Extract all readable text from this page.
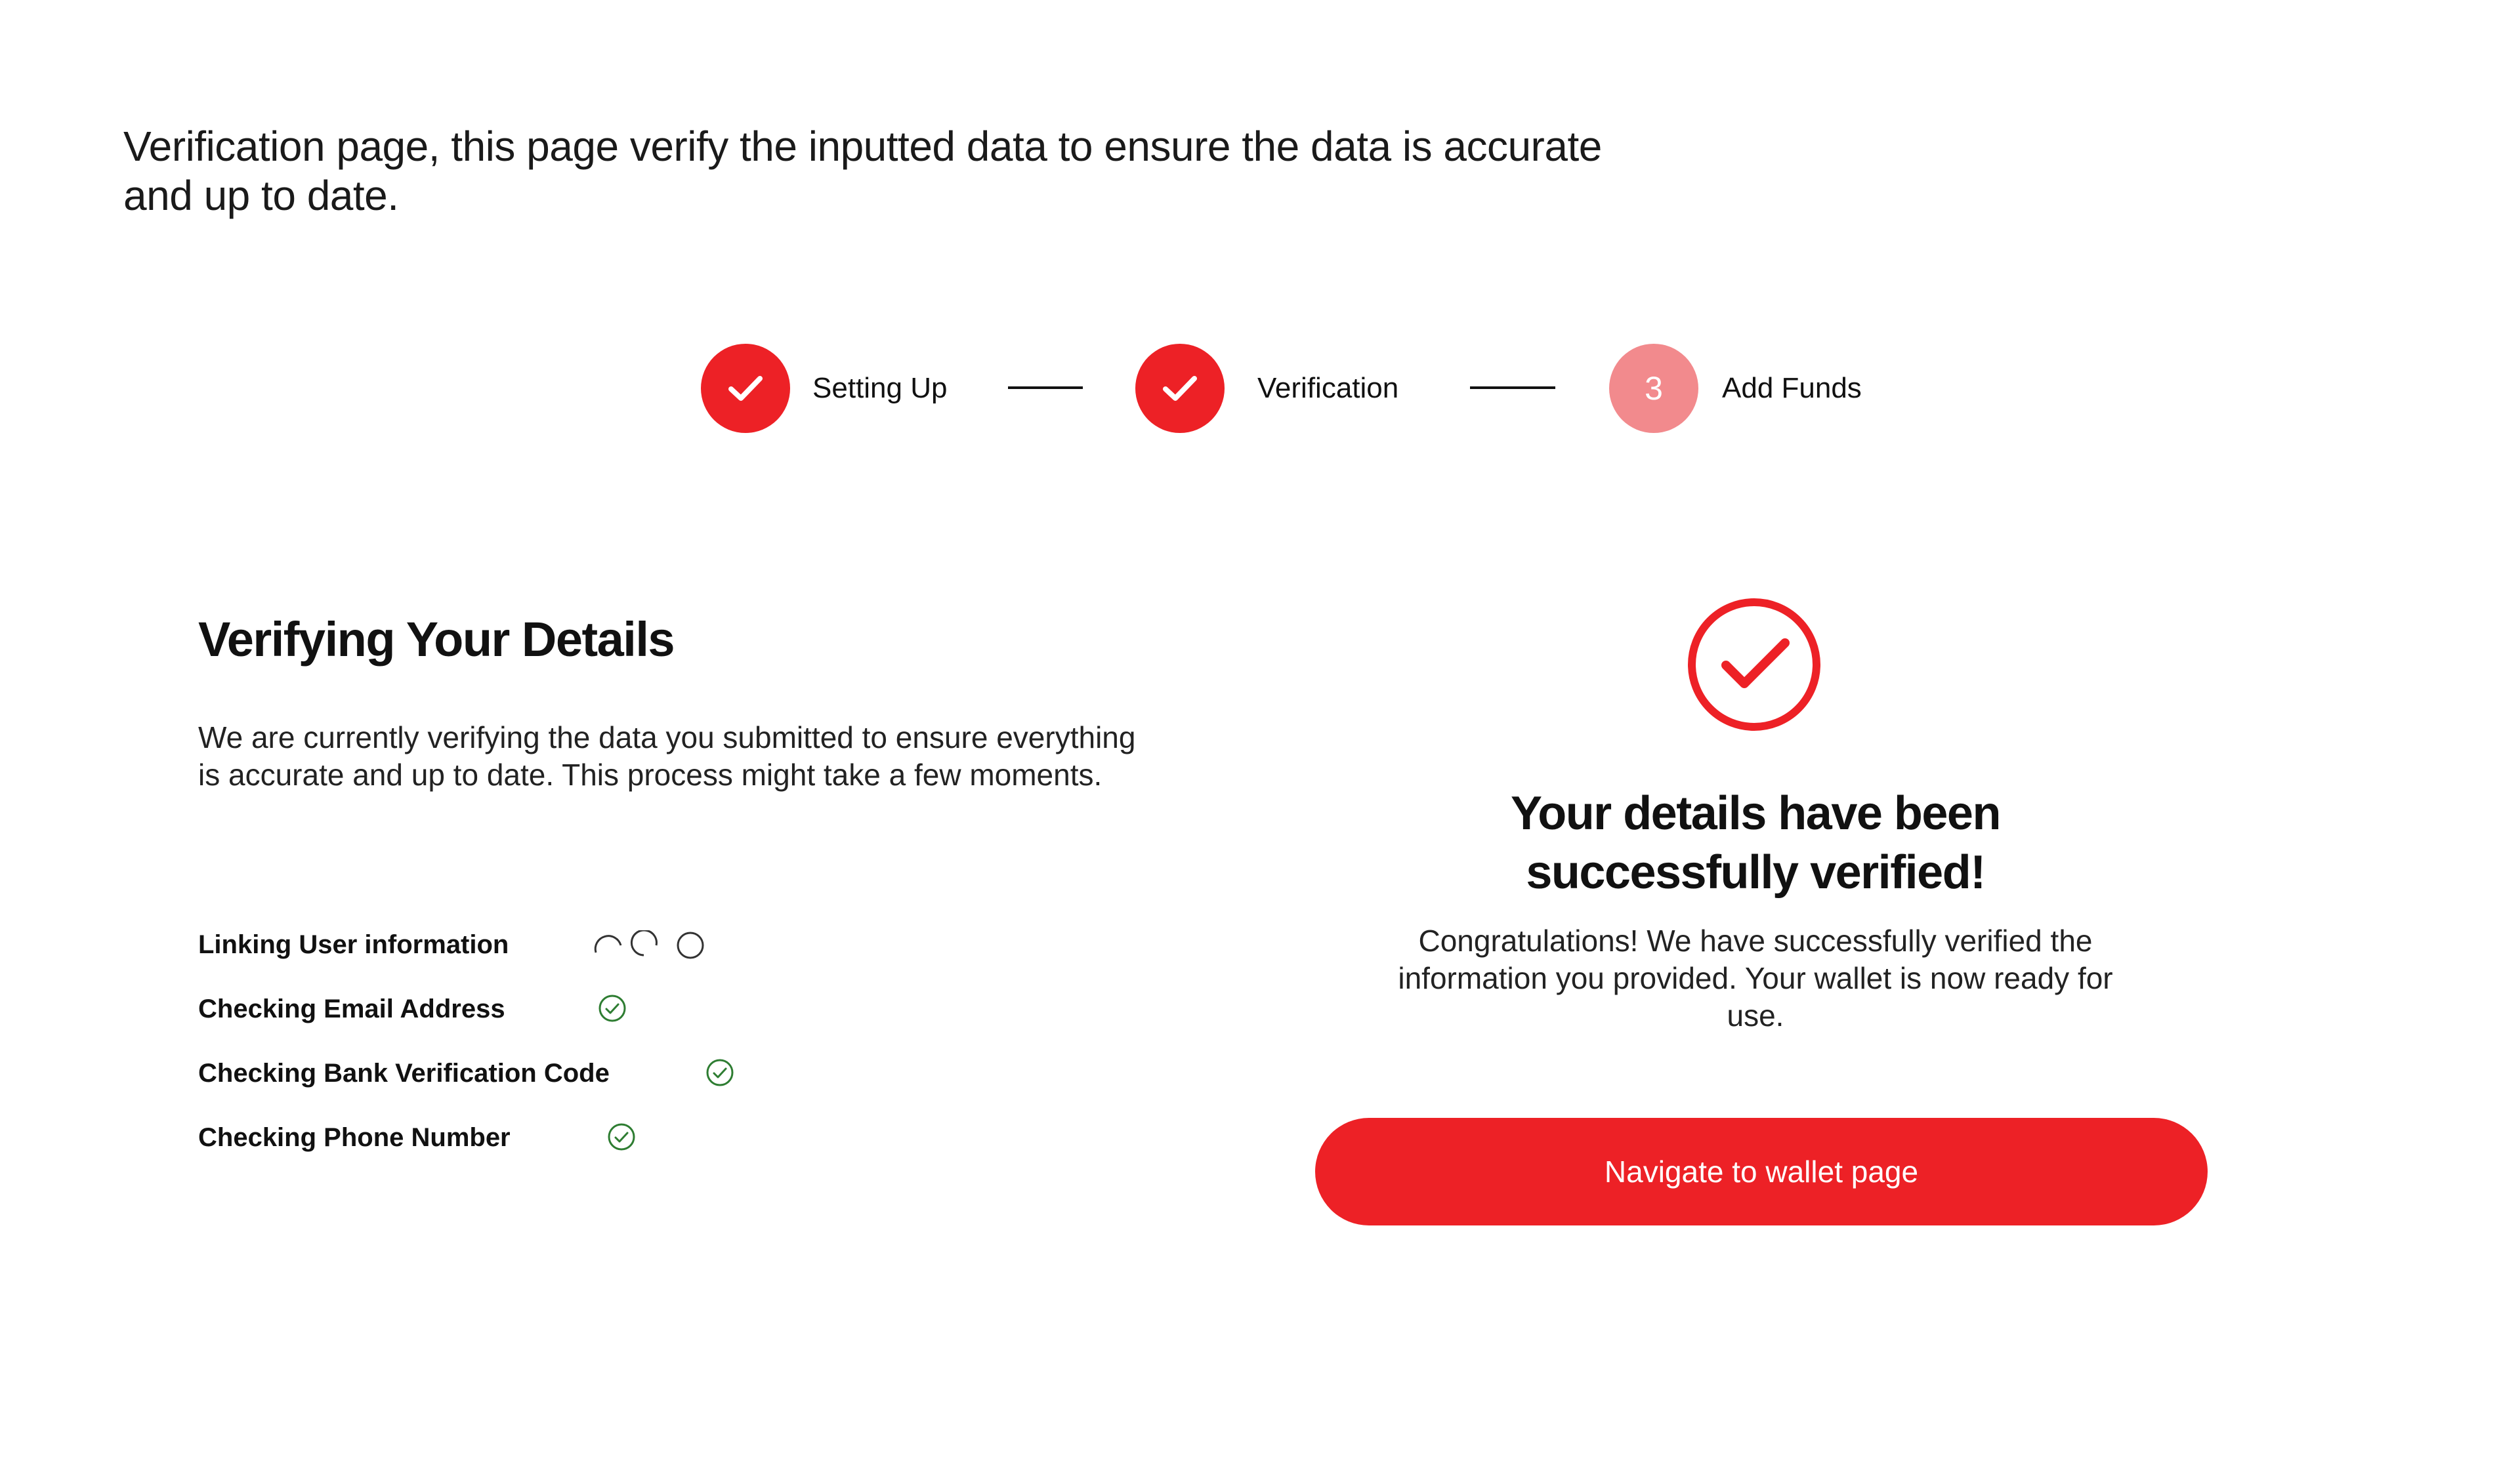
Verification page, this page verify the inputted data to ensure the data is accurate and up to date.
Setting Up	Verification	3 Add Funds
Verifying Your Details
We are currently verifying the data you submitted to ensure everything is accurate and up to date. This process might take a few moments.
Linking User information
Checking Email Address
Checking Bank Verification Code
Checking Phone Number
Your details have been
successfully verified!
Congratulations! We have successfully verified the information you provided. Your wallet is now ready for use.
Navigate to wallet page
